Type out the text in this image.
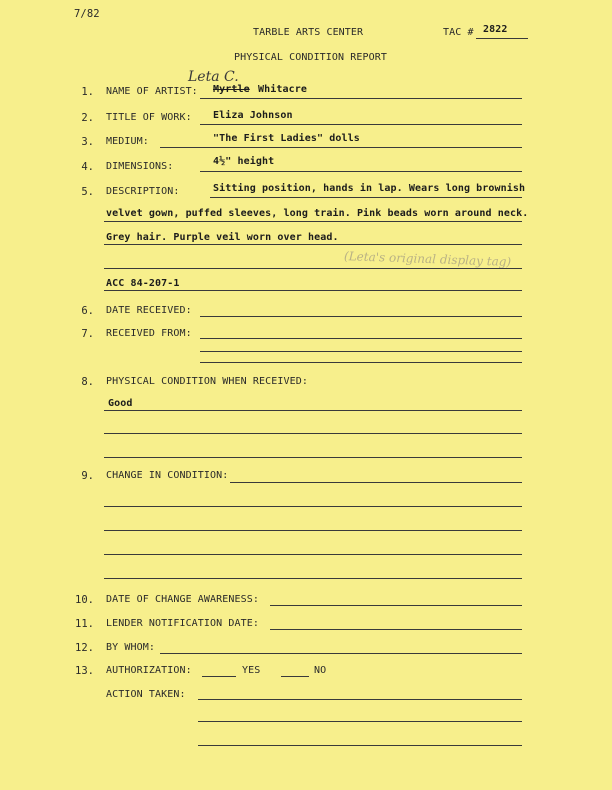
7/82
TARBLE ARTS CENTER	TAC # 2822
PHYSICAL CONDITION REPORT
Leta C.
1. NAME OF ARTIST: Myrtle Whitacre
2. TITLE OF WORK: Eliza Johnson
3. MEDIUM:	"The First Ladies" dolls
4. DIMENSIONS:	4½" height
5. DESCRIPTION:	Sitting position, hands in lap. Wears long brownish
velvet gown, puffed sleeves, long train. Pink beads worn around neck.
Grey hair. Purple veil worn over head.
(Leta's original display tag)
ACC 84-207-1
6. DATE RECEIVED:
7. RECEIVED FROM:
8. PHYSICAL CONDITION WHEN RECEIVED:
Good
9. CHANGE IN CONDITION:
10. DATE OF CHANGE AWARENESS:
11. LENDER NOTIFICATION DATE:
12. BY WHOM:
13. AUTHORIZATION:	YES	NO
ACTION TAKEN:
